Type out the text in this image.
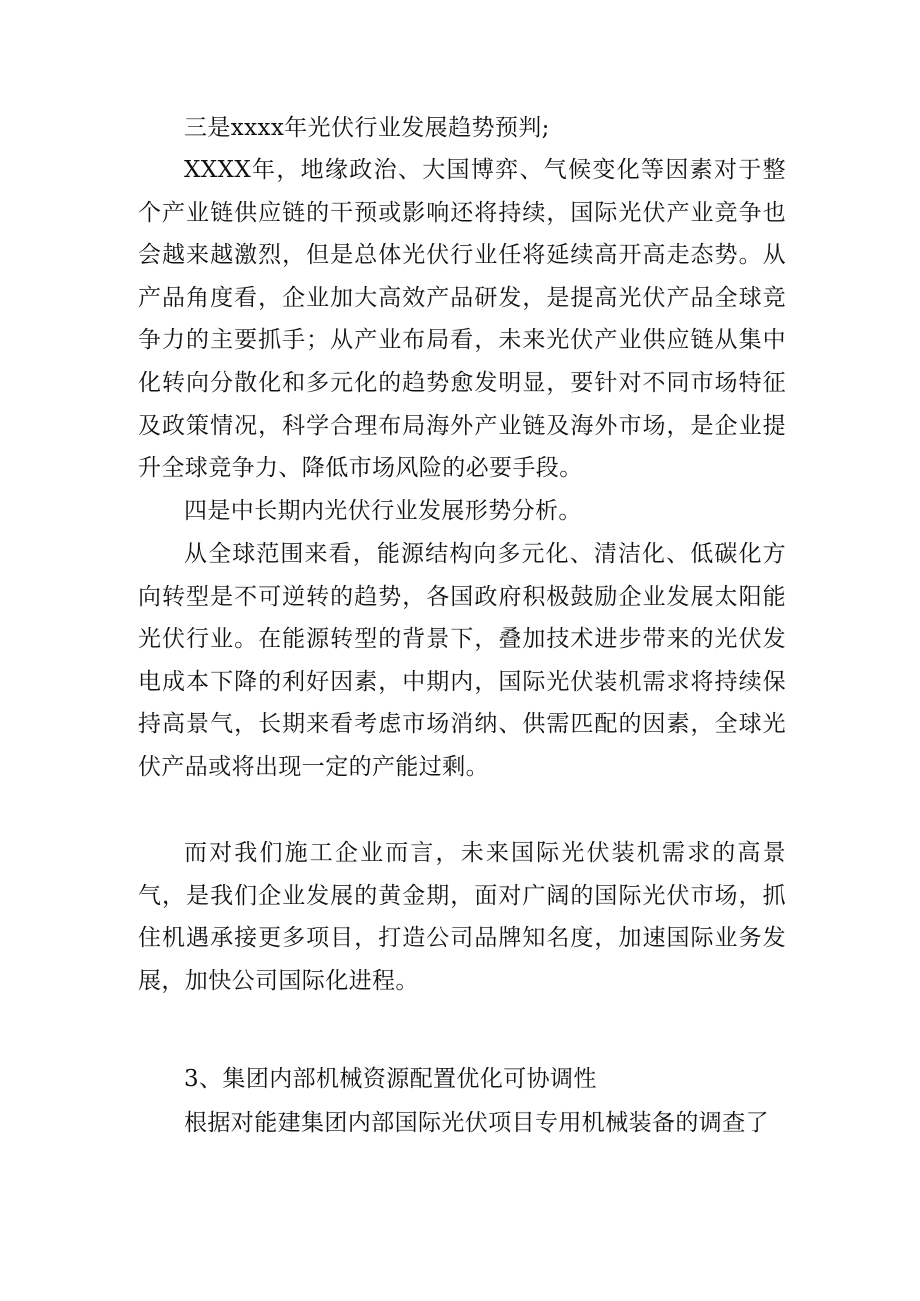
三是xxxx年光伏行业发展趋势预判;

XXXX年，地缘政治、大国博弈、气候变化等因素对于整个产业链供应链的干预或影响还将持续，国际光伏产业竞争也会越来越激烈，但是总体光伏行业任将延续高开高走态势。从产品角度看，企业加大高效产品研发，是提高光伏产品全球竞争力的主要抓手；从产业布局看，未来光伏产业供应链从集中化转向分散化和多元化的趋势愈发明显，要针对不同市场特征及政策情况，科学合理布局海外产业链及海外市场，是企业提升全球竞争力、降低市场风险的必要手段。

四是中长期内光伏行业发展形势分析。

从全球范围来看，能源结构向多元化、清洁化、低碳化方向转型是不可逆转的趋势，各国政府积极鼓励企业发展太阳能光伏行业。在能源转型的背景下，叠加技术进步带来的光伏发电成本下降的利好因素，中期内，国际光伏装机需求将持续保持高景气，长期来看考虑市场消纳、供需匹配的因素，全球光伏产品或将出现一定的产能过剩。

而对我们施工企业而言，未来国际光伏装机需求的高景气，是我们企业发展的黄金期，面对广阔的国际光伏市场，抓住机遇承接更多项目，打造公司品牌知名度，加速国际业务发展，加快公司国际化进程。

3、集团内部机械资源配置优化可协调性

根据对能建集团内部国际光伏项目专用机械装备的调查了
